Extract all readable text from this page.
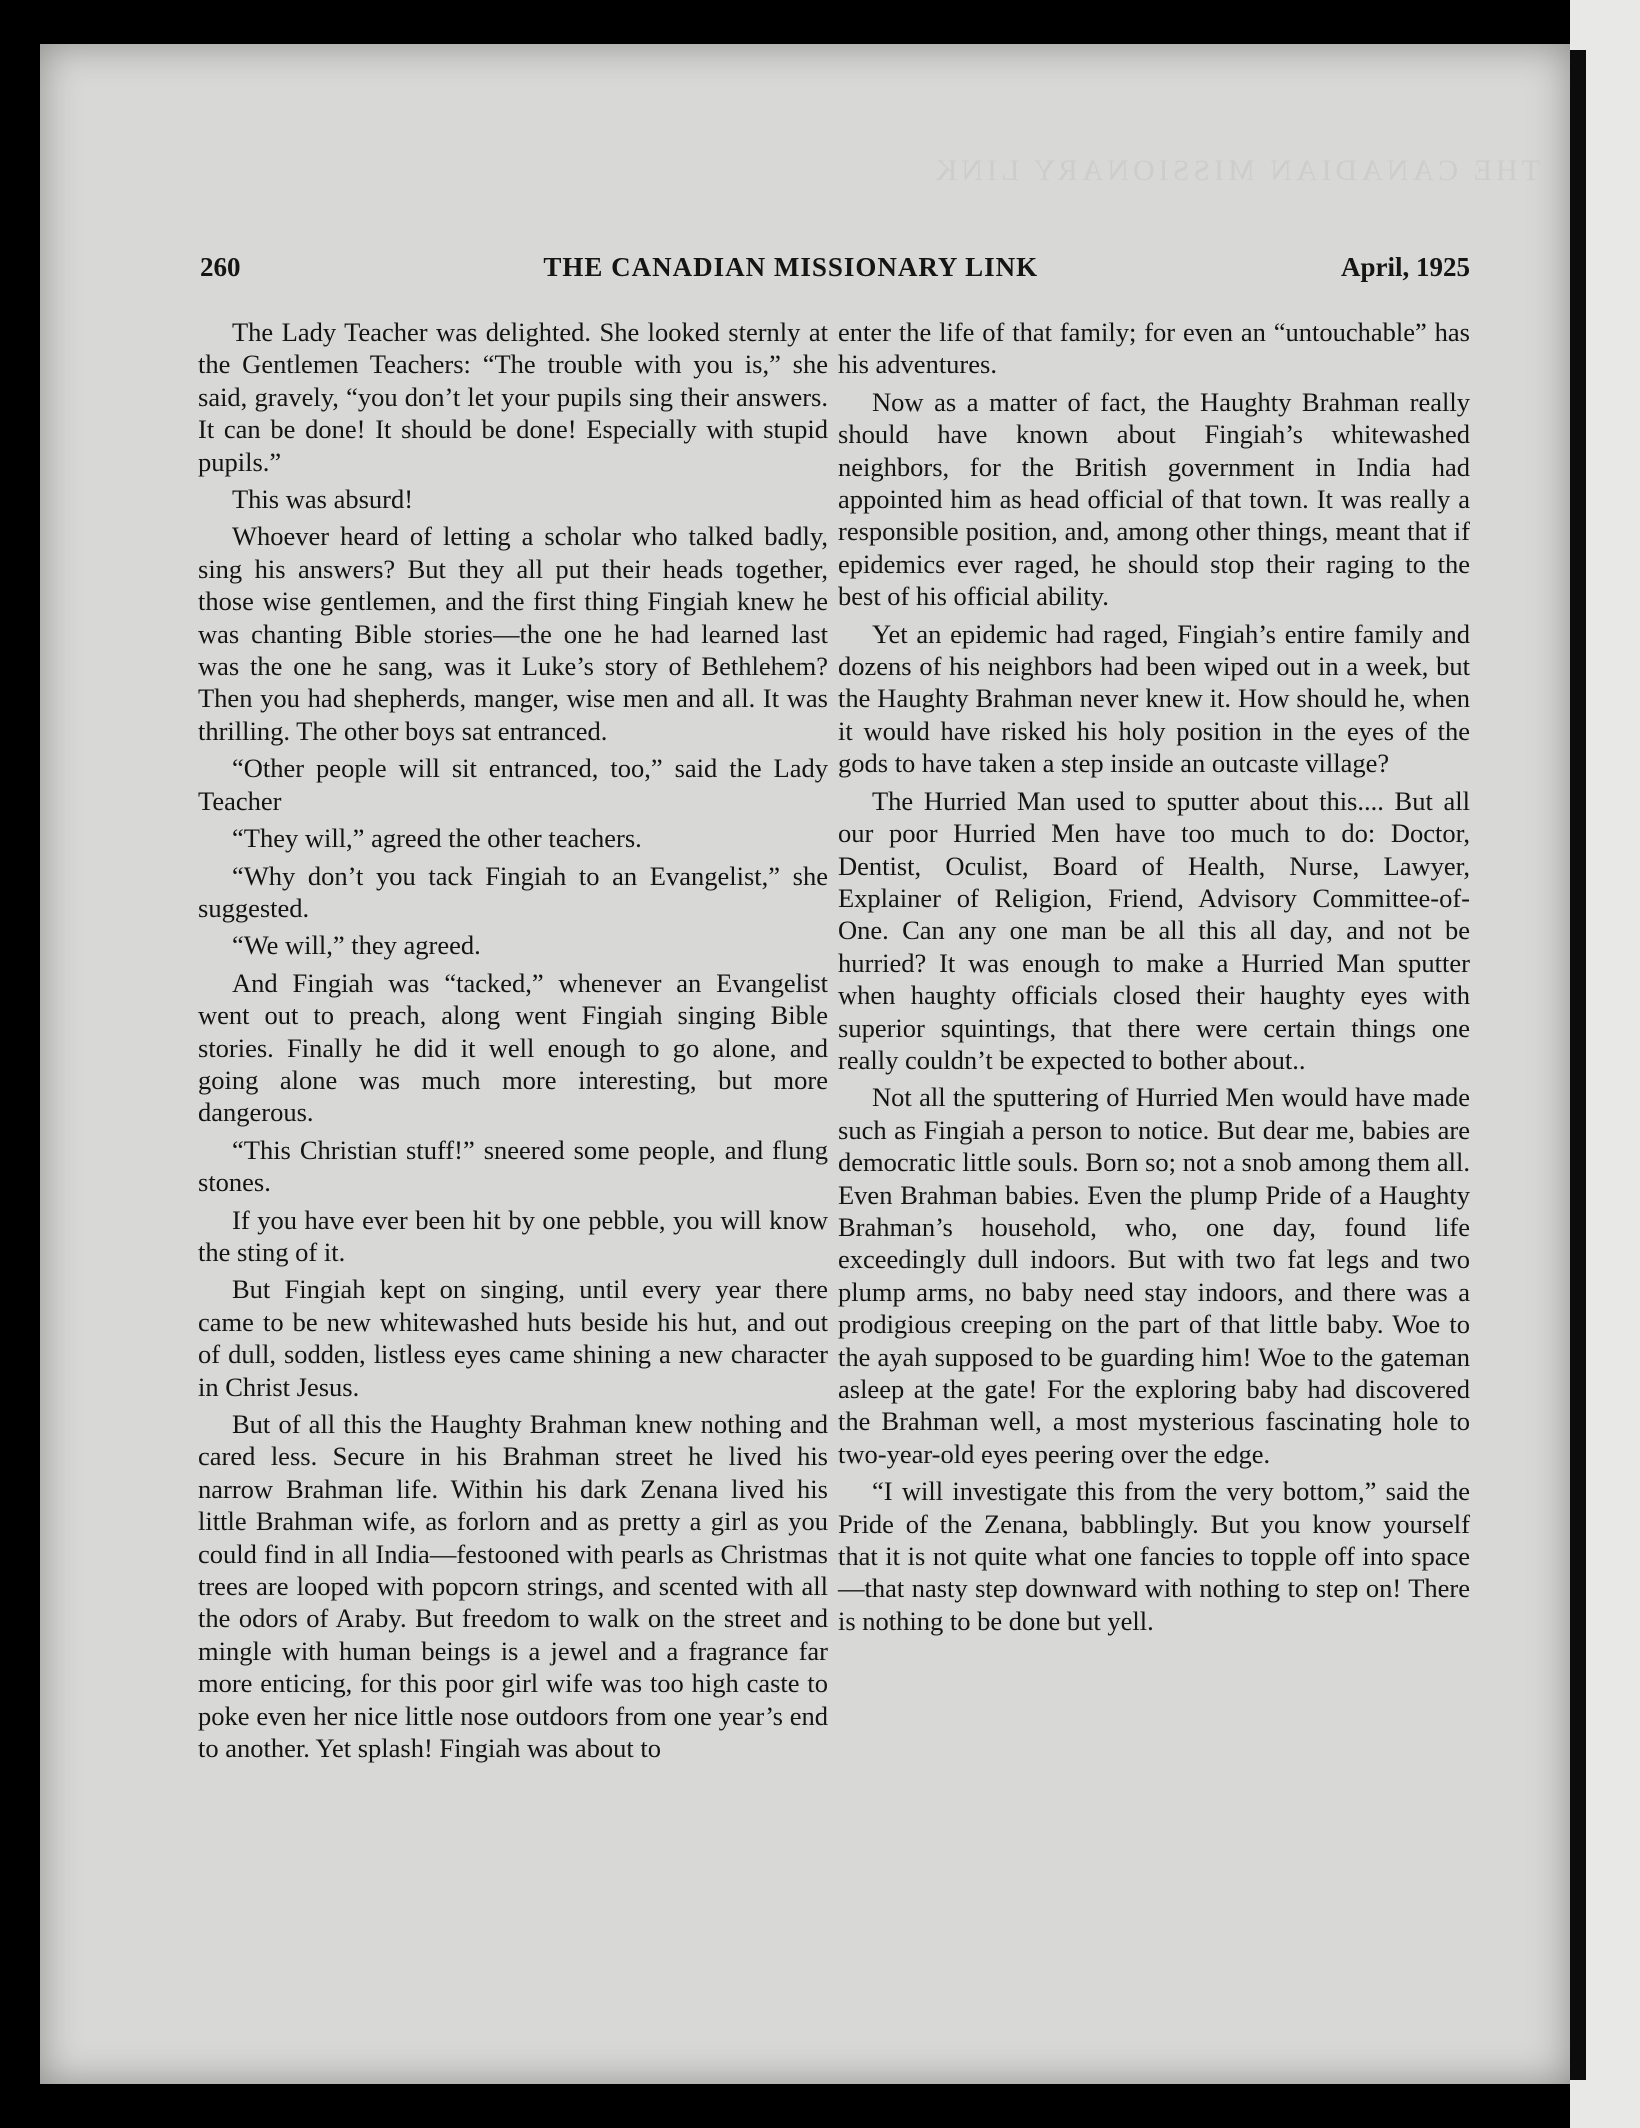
THE CANADIAN MISSIONARY LINK
260	THE CANADIAN MISSIONARY LINK	April, 1925

The Lady Teacher was delighted. She looked sternly at the Gentlemen Teachers: “The trouble with you is,” she said, gravely, “you don’t let your pupils sing their answers. It can be done! It should be done! Especially with stupid pupils.”

This was absurd!

Whoever heard of letting a scholar who talked badly, sing his answers? But they all put their heads together, those wise gentlemen, and the first thing Fingiah knew he was chanting Bible stories—the one he had learned last was the one he sang, was it Luke’s story of Bethlehem? Then you had shepherds, manger, wise men and all. It was thrilling. The other boys sat entranced.

“Other people will sit entranced, too,” said the Lady Teacher

“They will,” agreed the other teachers.

“Why don’t you tack Fingiah to an Evangelist,” she suggested.

“We will,” they agreed.

And Fingiah was “tacked,” whenever an Evangelist went out to preach, along went Fingiah singing Bible stories. Finally he did it well enough to go alone, and going alone was much more interesting, but more dangerous.

“This Christian stuff!” sneered some people, and flung stones.

If you have ever been hit by one pebble, you will know the sting of it.

But Fingiah kept on singing, until every year there came to be new whitewashed huts beside his hut, and out of dull, sodden, listless eyes came shining a new character in Christ Jesus.

But of all this the Haughty Brahman knew nothing and cared less. Secure in his Brahman street he lived his narrow Brahman life. Within his dark Zenana lived his little Brahman wife, as forlorn and as pretty a girl as you could find in all India—festooned with pearls as Christmas trees are looped with popcorn strings, and scented with all the odors of Araby. But freedom to walk on the street and mingle with human beings is a jewel and a fragrance far more enticing, for this poor girl wife was too high caste to poke even her nice little nose outdoors from one year’s end to another. Yet splash! Fingiah was about to

enter the life of that family; for even an “untouchable” has his adventures.

Now as a matter of fact, the Haughty Brahman really should have known about Fingiah’s whitewashed neighbors, for the British government in India had appointed him as head official of that town. It was really a responsible position, and, among other things, meant that if epidemics ever raged, he should stop their raging to the best of his official ability.

Yet an epidemic had raged, Fingiah’s entire family and dozens of his neighbors had been wiped out in a week, but the Haughty Brahman never knew it. How should he, when it would have risked his holy position in the eyes of the gods to have taken a step inside an outcaste village?

The Hurried Man used to sputter about this.... But all our poor Hurried Men have too much to do: Doctor, Dentist, Oculist, Board of Health, Nurse, Lawyer, Explainer of Religion, Friend, Advisory Committee-of-One. Can any one man be all this all day, and not be hurried? It was enough to make a Hurried Man sputter when haughty officials closed their haughty eyes with superior squintings, that there were certain things one really couldn’t be expected to bother about..

Not all the sputtering of Hurried Men would have made such as Fingiah a person to notice. But dear me, babies are democratic little souls. Born so; not a snob among them all. Even Brahman babies. Even the plump Pride of a Haughty Brahman’s household, who, one day, found life exceedingly dull indoors. But with two fat legs and two plump arms, no baby need stay indoors, and there was a prodigious creeping on the part of that little baby. Woe to the ayah supposed to be guarding him! Woe to the gateman asleep at the gate! For the exploring baby had discovered the Brahman well, a most mysterious fascinating hole to two-year-old eyes peering over the edge.

“I will investigate this from the very bottom,” said the Pride of the Zenana, babblingly. But you know yourself that it is not quite what one fancies to topple off into space—that nasty step downward with nothing to step on! There is nothing to be done but yell.
